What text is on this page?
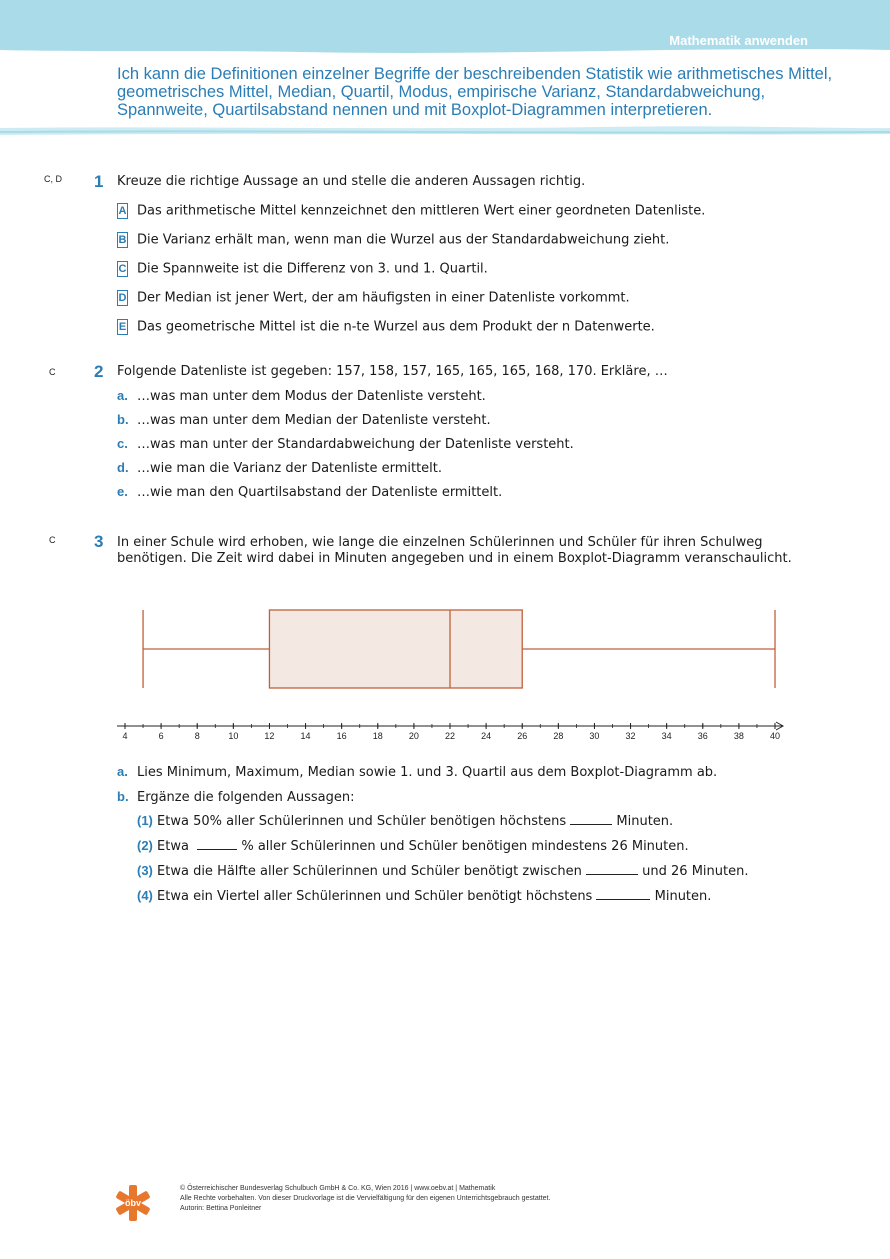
Mathematik anwenden
Ich kann die Definitionen einzelner Begriffe der beschreibenden Statistik wie arithmetisches Mittel, geometrisches Mittel, Median, Quartil, Modus, empirische Varianz, Standardabweichung, Spannweite, Quartilsabstand nennen und mit Boxplot-Diagrammen interpretieren.
C, D 1 Kreuze die richtige Aussage an und stelle die anderen Aussagen richtig.
A Das arithmetische Mittel kennzeichnet den mittleren Wert einer geordneten Datenliste.
B Die Varianz erhält man, wenn man die Wurzel aus der Standardabweichung zieht.
C Die Spannweite ist die Differenz von 3. und 1. Quartil.
D Der Median ist jener Wert, der am häufigsten in einer Datenliste vorkommt.
E Das geometrische Mittel ist die n-te Wurzel aus dem Produkt der n Datenwerte.
C 2 Folgende Datenliste ist gegeben: 157, 158, 157, 165, 165, 165, 168, 170. Erkläre, …
a. …was man unter dem Modus der Datenliste versteht.
b. …was man unter dem Median der Datenliste versteht.
c. …was man unter der Standardabweichung der Datenliste versteht.
d. …wie man die Varianz der Datenliste ermittelt.
e. …wie man den Quartilsabstand der Datenliste ermittelt.
C 3 In einer Schule wird erhoben, wie lange die einzelnen Schülerinnen und Schüler für ihren Schulweg benötigen. Die Zeit wird dabei in Minuten angegeben und in einem Boxplot-Diagramm veranschaulicht.
4	6	8	10	12	14	16	18	20	22	24	26	28	30	32	34	36	38	40
a. Lies Minimum, Maximum, Median sowie 1. und 3. Quartil aus dem Boxplot-Diagramm ab.
b. Ergänze die folgenden Aussagen:
(1) Etwa 50% aller Schülerinnen und Schüler benötigen höchstens	Minuten.
(2) Etwa	% aller Schülerinnen und Schüler benötigen mindestens 26 Minuten.
(3) Etwa die Hälfte aller Schülerinnen und Schüler benötigt zwischen	und 26 Minuten.
(4) Etwa ein Viertel aller Schülerinnen und Schüler benötigt höchstens	Minuten.
öbv
© Österreichischer Bundesverlag Schulbuch GmbH & Co. KG, Wien 2016 | www.oebv.at | Mathematik
Alle Rechte vorbehalten. Von dieser Druckvorlage ist die Vervielfältigung für den eigenen Unterrichtsgebrauch gestattet.
Autorin: Bettina Ponleitner
